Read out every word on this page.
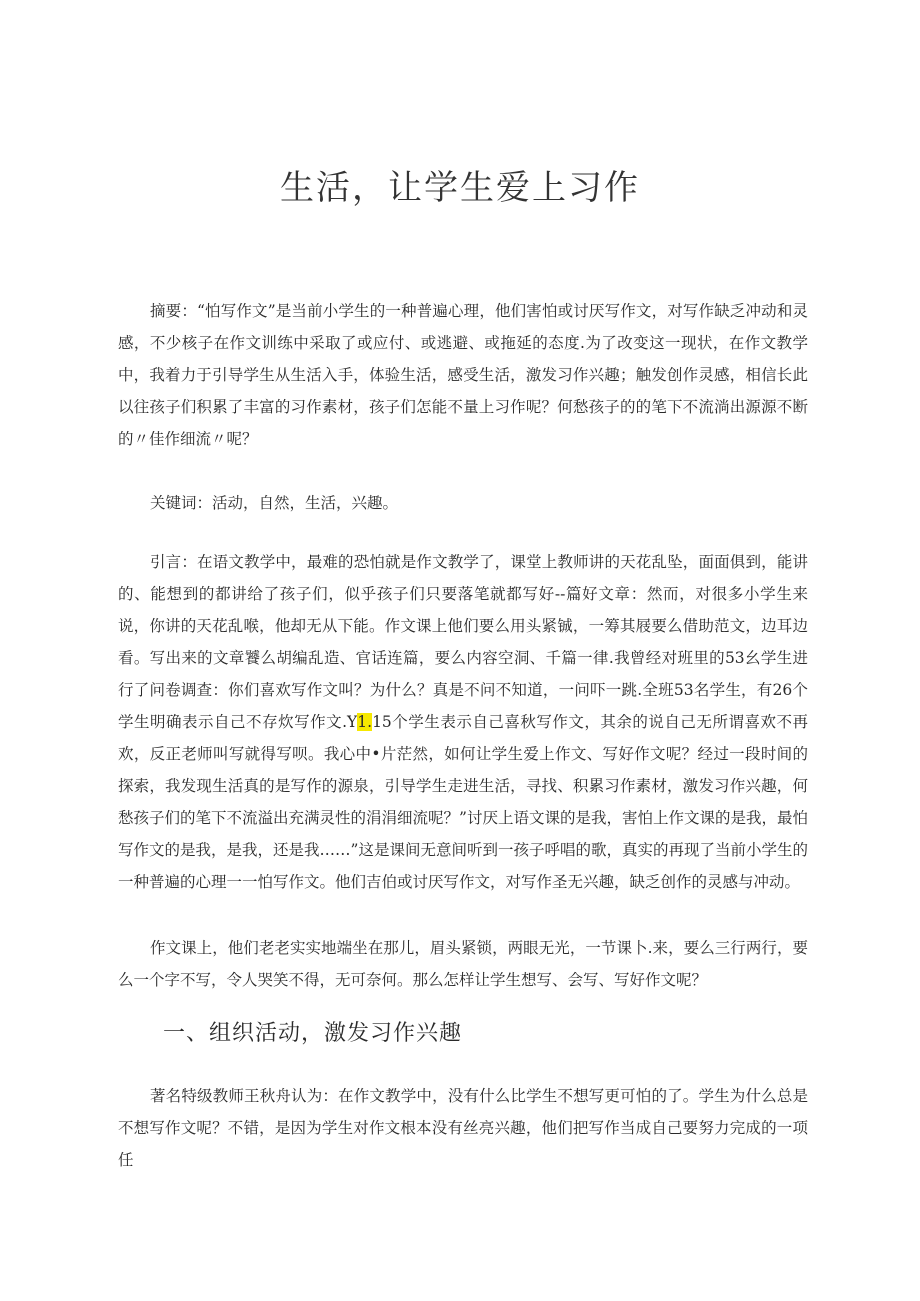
生活，让学生爱上习作

摘要：“怕写作文”是当前小学生的一种普遍心理，他们害怕或讨厌写作文，对写作缺乏冲动和灵感，不少核子在作文训练中采取了或应付、或逃避、或拖延的态度.为了改变这一现状，在作文教学中，我着力于引导学生从生活入手，体验生活，感受生活，激发习作兴趣；触发创作灵感，相信长此以往孩子们积累了丰富的习作素材，孩子们怎能不量上习作呢？何愁孩子的的笔下不流淌出源源不断的〃佳作细流〃呢？

关键词：活动，自然，生活，兴趣。

引言：在语文教学中，最难的恐怕就是作文教学了，课堂上教师讲的天花乱坠，面面俱到，能讲的、能想到的都讲给了孩子们，似乎孩子们只要落笔就都写好--篇好文章：然而，对很多小学生来说，你讲的天花乱喉，他却无从下能。作文课上他们要么用头紧铖，一筹其屐要么借助范文，边耳边看。写出来的文章饕么胡编乱造、官话连篇，要么内容空洞、千篇一律.我曾经对班里的53幺学生进行了问卷调查：你们喜欢写作文叫？为什么？真是不问不知道，一问吓一跳.全班53名学生，有26个学生明确表示自己不存炊写作文.Y1.15个学生表示自己喜秋写作文，其余的说自己无所谓喜欢不再欢，反正老师叫写就得写呗。我心中•片茫然，如何让学生爱上作文、写好作文呢？经过一段时间的探索，我发现生活真的是写作的源泉，引导学生走进生活，寻找、积累习作素材，激发习作兴趣，何愁孩子们的笔下不流溢出充满灵性的涓涓细流呢？”讨厌上语文课的是我，害怕上作文课的是我，最怕写作文的是我，是我，还是我……”这是课间无意间听到一孩子呼唱的歌，真实的再现了当前小学生的一种普遍的心理一一怕写作文。他们吉伯或讨厌写作文，对写作圣无兴趣，缺乏创作的灵感与冲动。

作文课上，他们老老实实地端坐在那儿，眉头紧锁，两眼无光，一节课卜.来，要么三行两行，要么一个字不写，令人哭笑不得，无可奈何。那么怎样让学生想写、会写、写好作文呢？

一、组织活动，激发习作兴趣

著名特级教师王秋舟认为：在作文教学中，没有什么比学生不想写更可怕的了。学生为什么总是不想写作文呢？不错，是因为学生对作文根本没有丝亮兴趣，他们把写作当成自己要努力完成的一项任
